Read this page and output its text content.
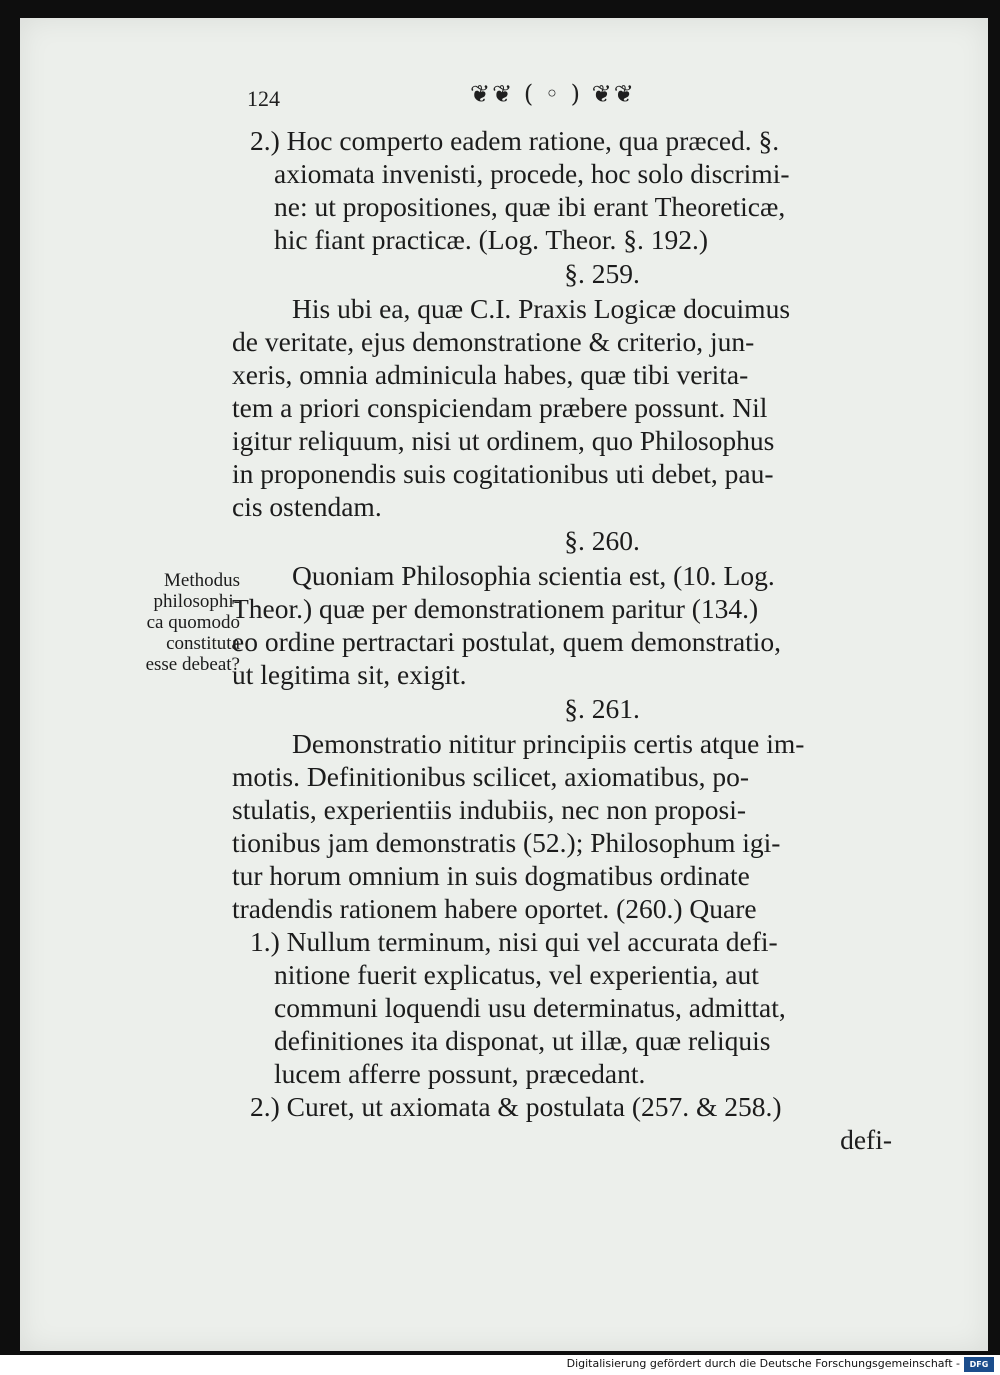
124	❦❦ ( ◦ ) ❦❦
2.) Hoc comperto eadem ratione, qua præced. §.
axiomata invenisti, procede, hoc solo discrimi-
ne: ut propositiones, quæ ibi erant Theoreticæ,
hic fiant practicæ. (Log. Theor. §. 192.)
§. 259.
His ubi ea, quæ C.I. Praxis Logicæ docuimus
de veritate, ejus demonstratione & criterio, jun-
xeris, omnia adminicula habes, quæ tibi verita-
tem a priori conspiciendam præbere possunt. Nil
igitur reliquum, nisi ut ordinem, quo Philosophus
in proponendis suis cogitationibus uti debet, pau-
cis ostendam.
§. 260.
Quoniam Philosophia scientia est, (10. Log.
Theor.) quæ per demonstrationem paritur (134.)
eo ordine pertractari postulat, quem demonstratio,
ut legitima sit, exigit.
§. 261.
Demonstratio nititur principiis certis atque im-
motis. Definitionibus scilicet, axiomatibus, po-
stulatis, experientiis indubiis, nec non proposi-
tionibus jam demonstratis (52.); Philosophum igi-
tur horum omnium in suis dogmatibus ordinate
tradendis rationem habere oportet. (260.) Quare
1.) Nullum terminum, nisi qui vel accurata defi-
nitione fuerit explicatus, vel experientia, aut
communi loquendi usu determinatus, admittat,
definitiones ita disponat, ut illæ, quæ reliquis
lucem afferre possunt, præcedant.
2.) Curet, ut axiomata & postulata (257. & 258.)
defi-
Methodus
philosophi-
ca quomodo
constituta
esse debeat?
Digitalisierung gefördert durch die Deutsche Forschungsgemeinschaft -	DFG
